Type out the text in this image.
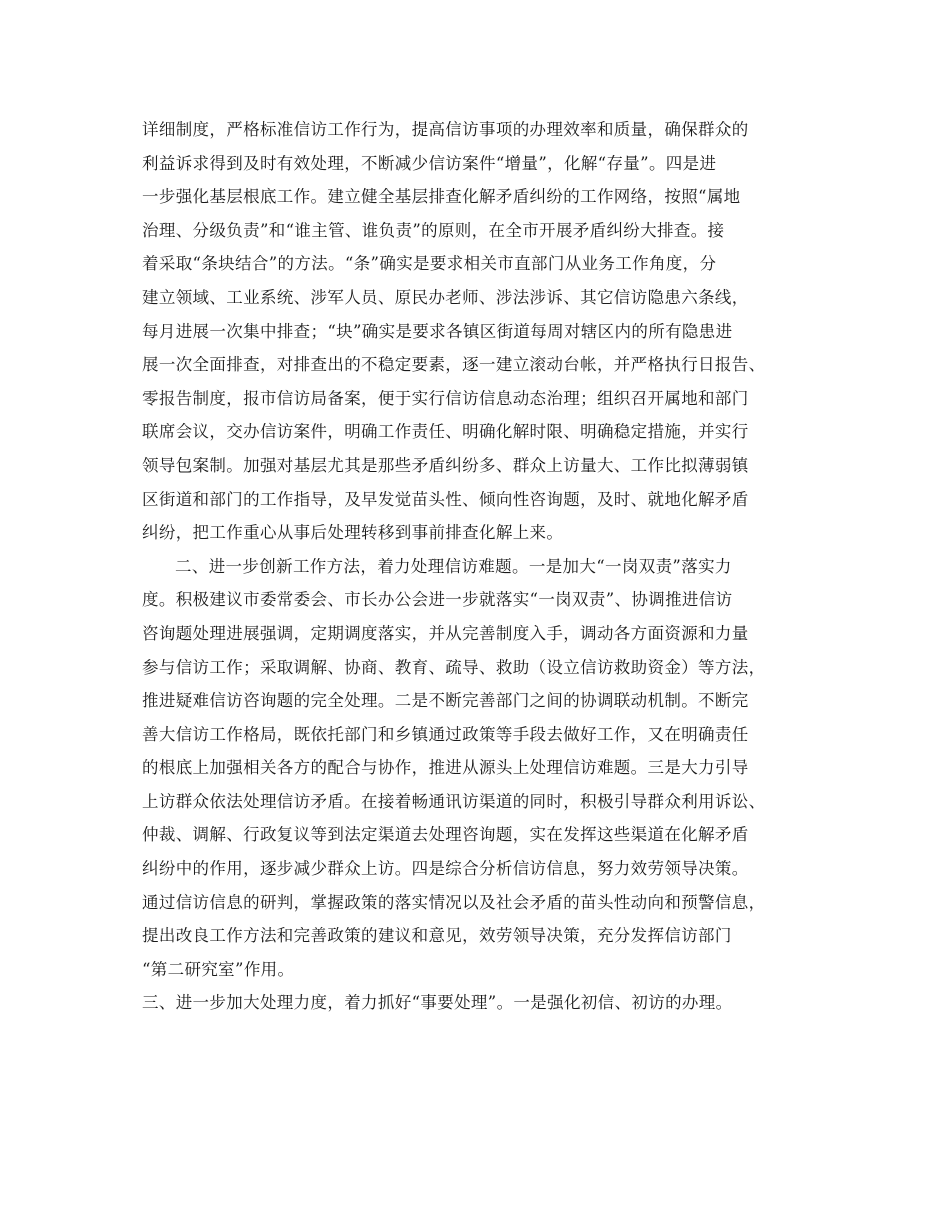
详细制度，严格标准信访工作行为，提高信访事项的办理效率和质量，确保群众的
利益诉求得到及时有效处理，不断减少信访案件“增量”，化解“存量”。四是进
一步强化基层根底工作。建立健全基层排查化解矛盾纠纷的工作网络，按照“属地
治理、分级负责”和“谁主管、谁负责”的原则，在全市开展矛盾纠纷大排查。接
着采取“条块结合”的方法。“条”确实是要求相关市直部门从业务工作角度，分
建立领域、工业系统、涉军人员、原民办老师、涉法涉诉、其它信访隐患六条线，
每月进展一次集中排查；“块”确实是要求各镇区街道每周对辖区内的所有隐患进
展一次全面排查，对排查出的不稳定要素，逐一建立滚动台帐，并严格执行日报告、
零报告制度，报市信访局备案，便于实行信访信息动态治理；组织召开属地和部门
联席会议，交办信访案件，明确工作责任、明确化解时限、明确稳定措施，并实行
领导包案制。加强对基层尤其是那些矛盾纠纷多、群众上访量大、工作比拟薄弱镇
区街道和部门的工作指导，及早发觉苗头性、倾向性咨询题，及时、就地化解矛盾
纠纷，把工作重心从事后处理转移到事前排查化解上来。
二、进一步创新工作方法，着力处理信访难题。一是加大“一岗双责”落实力
度。积极建议市委常委会、市长办公会进一步就落实“一岗双责”、协调推进信访
咨询题处理进展强调，定期调度落实，并从完善制度入手，调动各方面资源和力量
参与信访工作；采取调解、协商、教育、疏导、救助（设立信访救助资金）等方法，
推进疑难信访咨询题的完全处理。二是不断完善部门之间的协调联动机制。不断完
善大信访工作格局，既依托部门和乡镇通过政策等手段去做好工作，又在明确责任
的根底上加强相关各方的配合与协作，推进从源头上处理信访难题。三是大力引导
上访群众依法处理信访矛盾。在接着畅通讯访渠道的同时，积极引导群众利用诉讼、
仲裁、调解、行政复议等到法定渠道去处理咨询题，实在发挥这些渠道在化解矛盾
纠纷中的作用，逐步减少群众上访。四是综合分析信访信息，努力效劳领导决策。
通过信访信息的研判，掌握政策的落实情况以及社会矛盾的苗头性动向和预警信息，
提出改良工作方法和完善政策的建议和意见，效劳领导决策，充分发挥信访部门
“第二研究室”作用。
三、进一步加大处理力度，着力抓好“事要处理”。一是强化初信、初访的办理。
